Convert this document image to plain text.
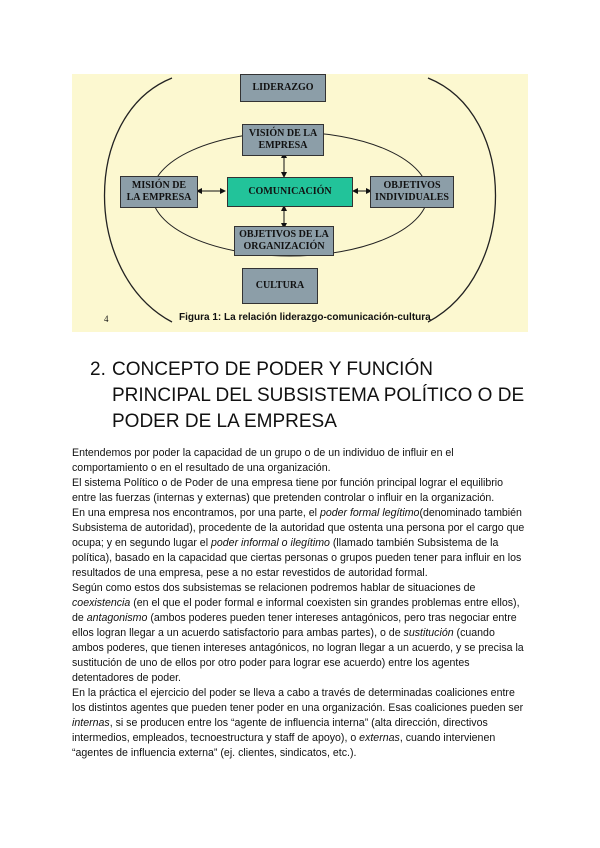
LIDERAZGO
VISIÓN DE LA EMPRESA
MISIÓN DE LA EMPRESA
COMUNICACIÓN
OBJETIVOS INDIVIDUALES
OBJETIVOS DE LA ORGANIZACIÓN
CULTURA
4	Figura 1: La relación liderazgo-comunicación-cultura
2. CONCEPTO DE PODER Y FUNCIÓN PRINCIPAL DEL SUBSISTEMA POLÍTICO O DE PODER DE LA EMPRESA

Entendemos por poder la capacidad de un grupo o de un individuo de influir en el comportamiento o en el resultado de una organización.

El sistema Político o de Poder de una empresa tiene por función principal lograr el equilibrio entre las fuerzas (internas y externas) que pretenden controlar o influir en la organización.

En una empresa nos encontramos, por una parte, el poder formal legítimo(denominado también Subsistema de autoridad), procedente de la autoridad que ostenta una persona por el cargo que ocupa; y en segundo lugar el poder informal o ilegítimo (llamado también Subsistema de la política), basado en la capacidad que ciertas personas o grupos pueden tener para influir en los resultados de una empresa, pese a no estar revestidos de autoridad formal.

Según como estos dos subsistemas se relacionen podremos hablar de situaciones de coexistencia (en el que el poder formal e informal coexisten sin grandes problemas entre ellos), de antagonismo (ambos poderes pueden tener intereses antagónicos, pero tras negociar entre ellos logran llegar a un acuerdo satisfactorio para ambas partes), o de sustitución (cuando ambos poderes, que tienen intereses antagónicos, no logran llegar a un acuerdo, y se precisa la sustitución de uno de ellos por otro poder para lograr ese acuerdo) entre los agentes detentadores de poder.

En la práctica el ejercicio del poder se lleva a cabo a través de determinadas coaliciones entre los distintos agentes que pueden tener poder en una organización. Esas coaliciones pueden ser internas, si se producen entre los “agente de influencia interna” (alta dirección, directivos intermedios, empleados, tecnoestructura y staff de apoyo), o externas, cuando intervienen “agentes de influencia externa” (ej. clientes, sindicatos, etc.).
